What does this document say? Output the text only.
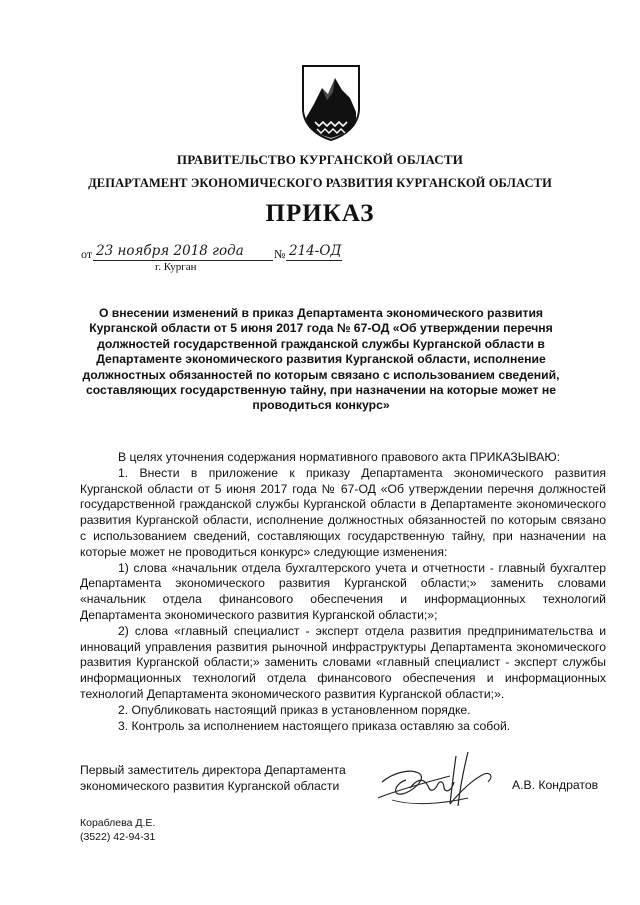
ПРАВИТЕЛЬСТВО КУРГАНСКОЙ ОБЛАСТИ
ДЕПАРТАМЕНТ ЭКОНОМИЧЕСКОГО РАЗВИТИЯ КУРГАНСКОЙ ОБЛАСТИ
ПРИКАЗ
от 23 ноября 2018 года
г. Курган
№ 214-ОД
О внесении изменений в приказ Департамента экономического развития Курганской области от 5 июня 2017 года № 67-ОД «Об утверждении перечня должностей государственной гражданской службы Курганской области в Департаменте экономического развития Курганской области, исполнение должностных обязанностей по которым связано с использованием сведений, составляющих государственную тайну, при назначении на которые может не проводиться конкурс»

В целях уточнения содержания нормативного правового акта ПРИКАЗЫВАЮ:

1. Внести в приложение к приказу Департамента экономического развития Курганской области от 5 июня 2017 года № 67-ОД «Об утверждении перечня должностей государственной гражданской службы Курганской области в Департаменте экономического развития Курганской области, исполнение должностных обязанностей по которым связано с использованием сведений, составляющих государственную тайну, при назначении на которые может не проводиться конкурс» следующие изменения:

1) слова «начальник отдела бухгалтерского учета и отчетности - главный бухгалтер Департамента экономического развития Курганской области;» заменить словами «начальник отдела финансового обеспечения и информационных технологий Департамента экономического развития Курганской области;»;

2) слова «главный специалист - эксперт отдела развития предпринимательства и инноваций управления развития рыночной инфраструктуры Департамента экономического развития Курганской области;» заменить словами «главный специалист - эксперт службы информационных технологий отдела финансового обеспечения и информационных технологий Департамента экономического развития Курганской области;».

2. Опубликовать настоящий приказ в установленном порядке.

3. Контроль за исполнением настоящего приказа оставляю за собой.

Первый заместитель директора Департамента
экономического развития Курганской области	А.В. Кондратов
Кораблева Д.Е.
(3522) 42-94-31
